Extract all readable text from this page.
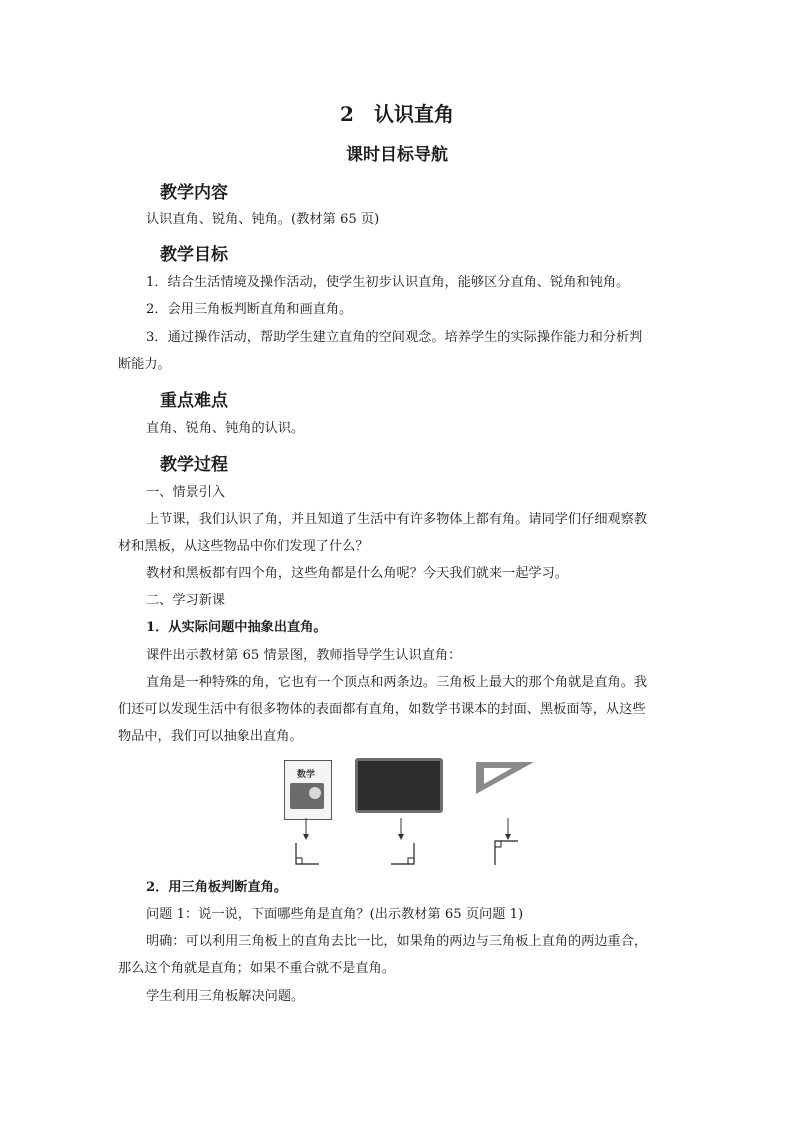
2　认识直角
课时目标导航
教学内容
认识直角、锐角、钝角。(教材第 65 页)
教学目标
1．结合生活情境及操作活动，使学生初步认识直角，能够区分直角、锐角和钝角。
2．会用三角板判断直角和画直角。
3．通过操作活动，帮助学生建立直角的空间观念。培养学生的实际操作能力和分析判
断能力。
重点难点
直角、锐角、钝角的认识。
教学过程
一、情景引入
上节课，我们认识了角，并且知道了生活中有许多物体上都有角。请同学们仔细观察教
材和黑板，从这些物品中你们发现了什么？
教材和黑板都有四个角，这些角都是什么角呢？今天我们就来一起学习。
二、学习新课
1．从实际问题中抽象出直角。
课件出示教材第 65 情景图，教师指导学生认识直角：
直角是一种特殊的角，它也有一个顶点和两条边。三角板上最大的那个角就是直角。我
们还可以发现生活中有很多物体的表面都有直角，如数学书课本的封面、黑板面等，从这些
物品中，我们可以抽象出直角。
数学
2．用三角板判断直角。
问题 1：说一说，下面哪些角是直角？(出示教材第 65 页问题 1)
明确：可以利用三角板上的直角去比一比，如果角的两边与三角板上直角的两边重合，
那么这个角就是直角；如果不重合就不是直角。
学生利用三角板解决问题。
